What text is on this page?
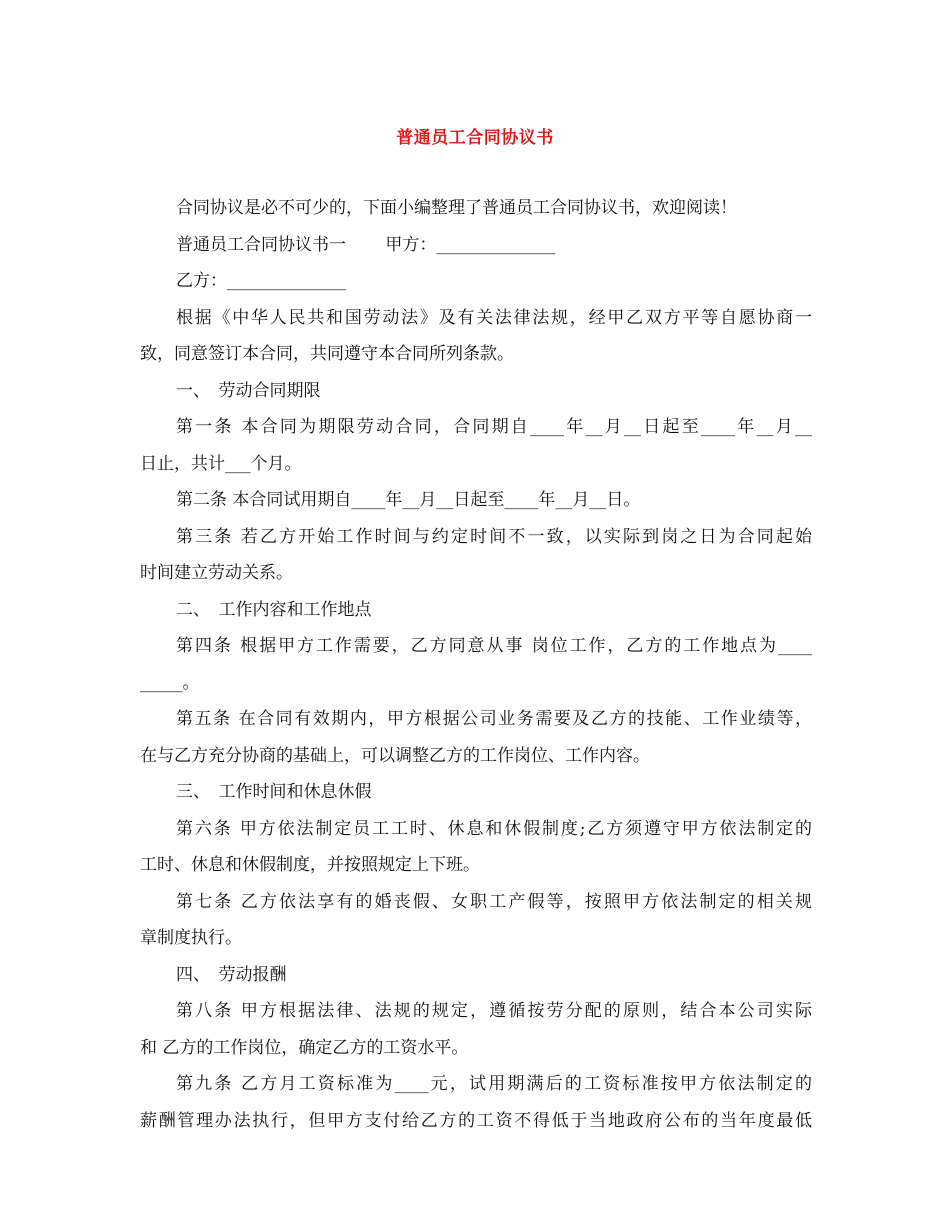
普通员工合同协议书
合同协议是必不可少的，下面小编整理了普通员工合同协议书，欢迎阅读！
普通员工合同协议书一　　 甲方：______________
乙方：______________
根据《中华人民共和国劳动法》及有关法律法规，经甲乙双方平等自愿协商一
致，同意签订本合同，共同遵守本合同所列条款。
一、　劳动合同期限
第一条 本合同为期限劳动合同，合同期自____年__月__日起至____年__月__
日止，共计___个月。
第二条 本合同试用期自____年__月__日起至____年__月__日。
第三条 若乙方开始工作时间与约定时间不一致，以实际到岗之日为合同起始
时间建立劳动关系。
二、　工作内容和工作地点
第四条 根据甲方工作需要，乙方同意从事 岗位工作，乙方的工作地点为____
_____。
第五条 在合同有效期内，甲方根据公司业务需要及乙方的技能、工作业绩等，
在与乙方充分协商的基础上，可以调整乙方的工作岗位、工作内容。
三、　工作时间和休息休假
第六条 甲方依法制定员工工时、休息和休假制度;乙方须遵守甲方依法制定的
工时、休息和休假制度，并按照规定上下班。
第七条 乙方依法享有的婚丧假、女职工产假等，按照甲方依法制定的相关规
章制度执行。
四、　劳动报酬
第八条 甲方根据法律、法规的规定，遵循按劳分配的原则，结合本公司实际
和 乙方的工作岗位，确定乙方的工资水平。
第九条 乙方月工资标准为____元，试用期满后的工资标准按甲方依法制定的
薪酬管理办法执行，但甲方支付给乙方的工资不得低于当地政府公布的当年度最低
